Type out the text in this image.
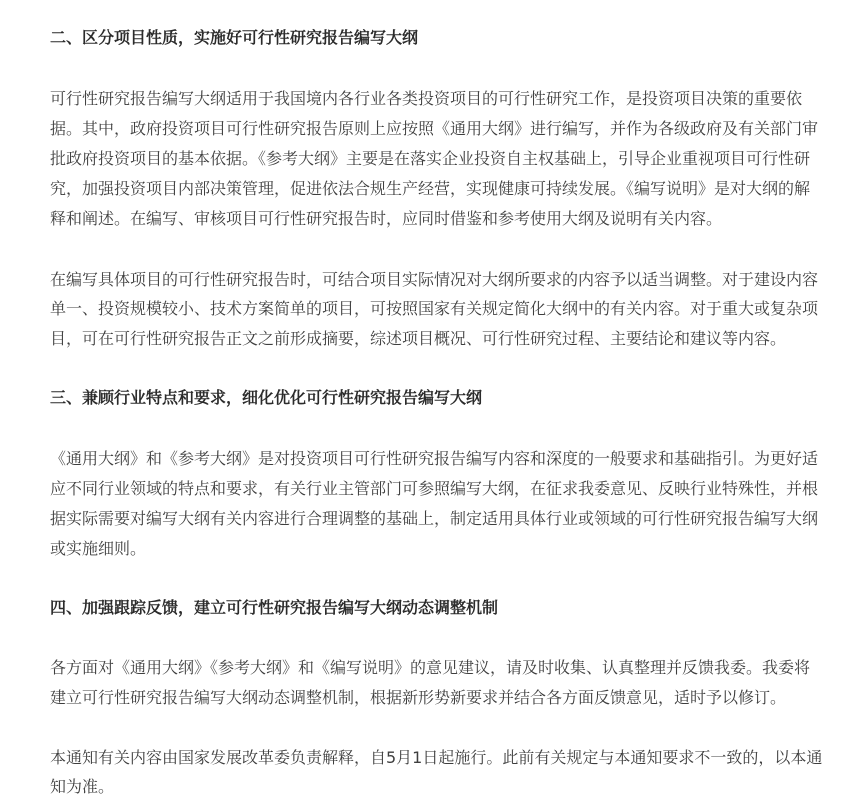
二、区分项目性质，实施好可行性研究报告编写大纲
可行性研究报告编写大纲适用于我国境内各行业各类投资项目的可行性研究工作，是投资项目决策的重要依
据。其中，政府投资项目可行性研究报告原则上应按照《通用大纲》进行编写，并作为各级政府及有关部门审
批政府投资项目的基本依据。《参考大纲》主要是在落实企业投资自主权基础上，引导企业重视项目可行性研
究，加强投资项目内部决策管理，促进依法合规生产经营，实现健康可持续发展。《编写说明》是对大纲的解
释和阐述。在编写、审核项目可行性研究报告时，应同时借鉴和参考使用大纲及说明有关内容。
在编写具体项目的可行性研究报告时，可结合项目实际情况对大纲所要求的内容予以适当调整。对于建设内容
单一、投资规模较小、技术方案简单的项目，可按照国家有关规定简化大纲中的有关内容。对于重大或复杂项
目，可在可行性研究报告正文之前形成摘要，综述项目概况、可行性研究过程、主要结论和建议等内容。
三、兼顾行业特点和要求，细化优化可行性研究报告编写大纲
《通用大纲》和《参考大纲》是对投资项目可行性研究报告编写内容和深度的一般要求和基础指引。为更好适
应不同行业领域的特点和要求，有关行业主管部门可参照编写大纲，在征求我委意见、反映行业特殊性，并根
据实际需要对编写大纲有关内容进行合理调整的基础上，制定适用具体行业或领域的可行性研究报告编写大纲
或实施细则。
四、加强跟踪反馈，建立可行性研究报告编写大纲动态调整机制
各方面对《通用大纲》《参考大纲》和《编写说明》的意见建议，请及时收集、认真整理并反馈我委。我委将
建立可行性研究报告编写大纲动态调整机制，根据新形势新要求并结合各方面反馈意见，适时予以修订。
本通知有关内容由国家发展改革委负责解释，自5月1日起施行。此前有关规定与本通知要求不一致的，以本通
知为准。
